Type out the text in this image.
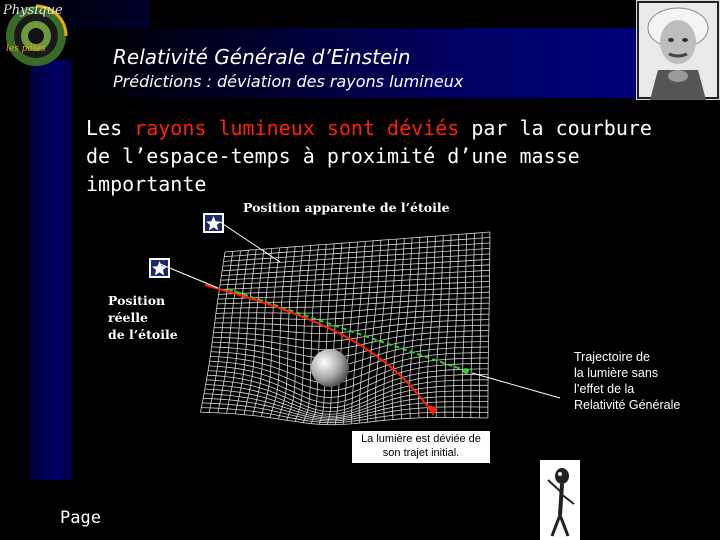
Physique
les pôles	Relativité Générale d’Einstein
Prédictions : déviation des rayons lumineux
Les rayons lumineux sont déviés par la courbure de l’espace-temps à proximité d’une masse importante
Position apparente de l’étoile
Position
réelle
de l’étoile
Trajectoire de
la lumière sans
l’effet de la
Relativité Générale
La lumière est déviée de
son trajet initial.
Page
